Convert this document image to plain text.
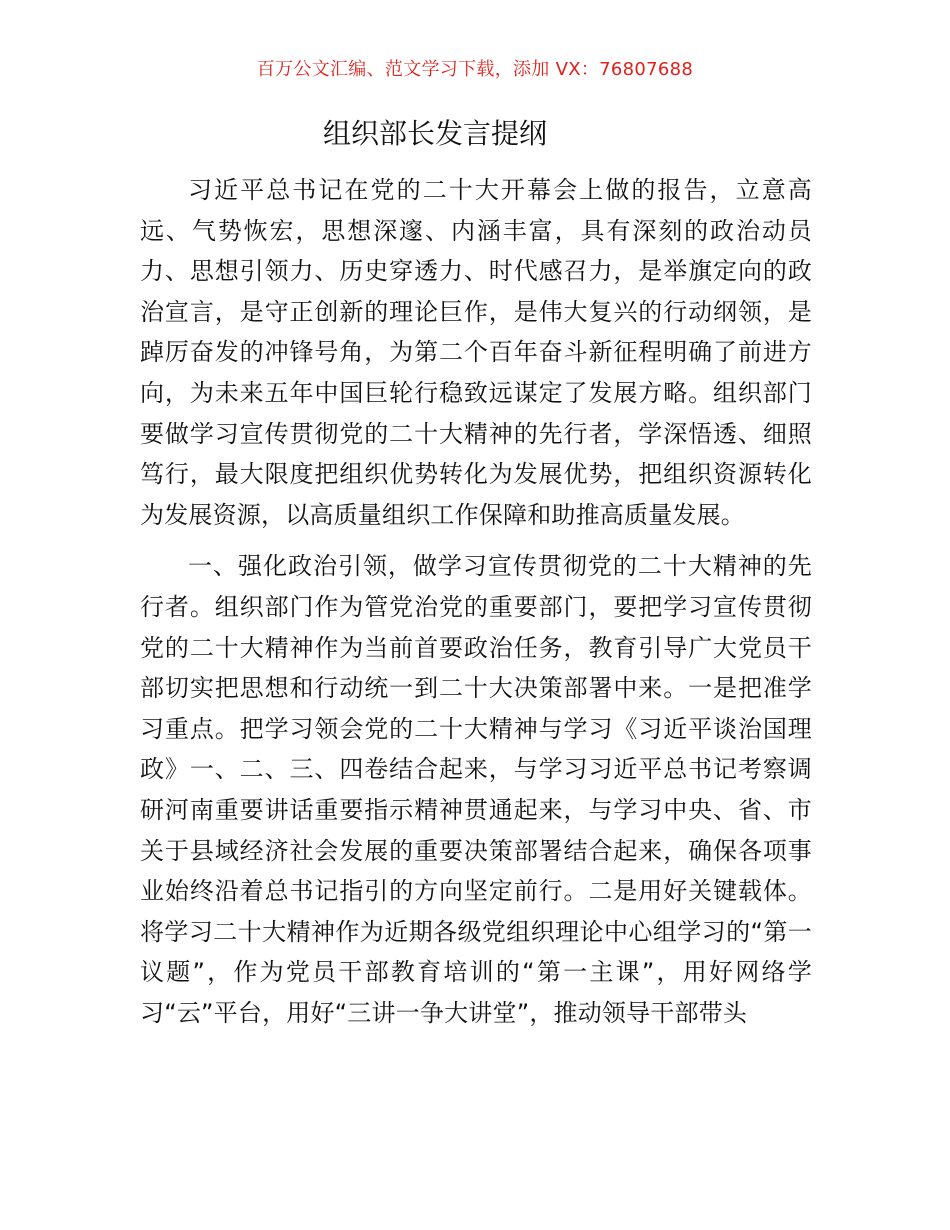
百万公文汇编、范文学习下载，添加 VX：76807688
组织部长发言提纲

习近平总书记在党的二十大开幕会上做的报告，立意高远、气势恢宏，思想深邃、内涵丰富，具有深刻的政治动员力、思想引领力、历史穿透力、时代感召力，是举旗定向的政治宣言，是守正创新的理论巨作，是伟大复兴的行动纲领，是踔厉奋发的冲锋号角，为第二个百年奋斗新征程明确了前进方向，为未来五年中国巨轮行稳致远谋定了发展方略。组织部门要做学习宣传贯彻党的二十大精神的先行者，学深悟透、细照笃行，最大限度把组织优势转化为发展优势，把组织资源转化为发展资源，以高质量组织工作保障和助推高质量发展。

一、强化政治引领，做学习宣传贯彻党的二十大精神的先行者。组织部门作为管党治党的重要部门，要把学习宣传贯彻党的二十大精神作为当前首要政治任务，教育引导广大党员干部切实把思想和行动统一到二十大决策部署中来。一是把准学习重点。把学习领会党的二十大精神与学习《习近平谈治国理政》一、二、三、四卷结合起来，与学习习近平总书记考察调研河南重要讲话重要指示精神贯通起来，与学习中央、省、市关于县域经济社会发展的重要决策部署结合起来，确保各项事业始终沿着总书记指引的方向坚定前行。二是用好关键载体。将学习二十大精神作为近期各级党组织理论中心组学习的“第一议题”，作为党员干部教育培训的“第一主课”，用好网络学习“云”平台，用好“三讲一争大讲堂”，推动领导干部带头
